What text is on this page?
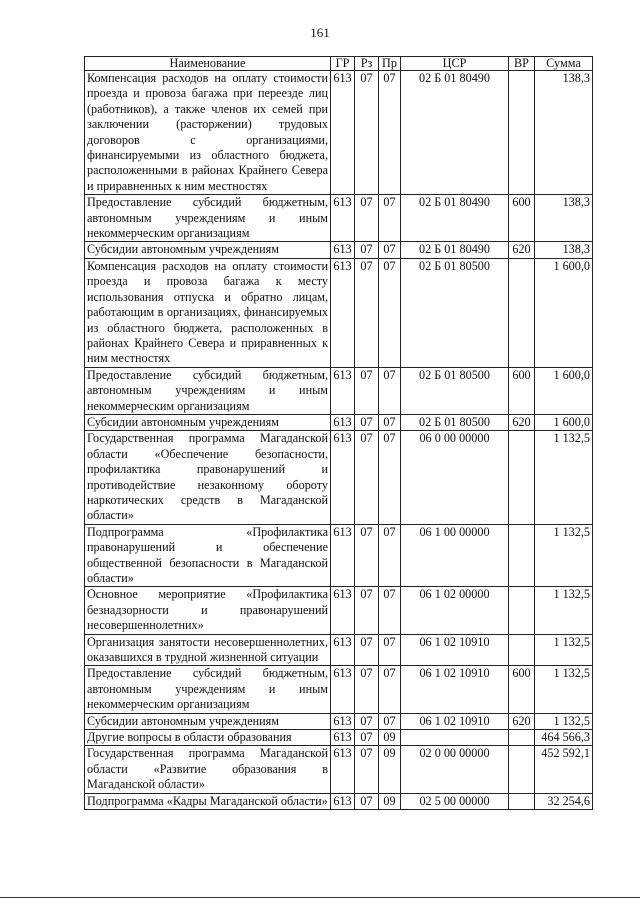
161
Наименование	ГР	Рз	Пр	ЦСР	ВР	Сумма
Компенсация расходов на оплату стоимости проезда и провоза багажа при переезде лиц (работников), а также членов их семей при заключении (расторжении) трудовых договоров с организациями, финансируемыми из областного бюджета, расположенными в районах Крайнего Севера и приравненных к ним местностях	613	07	07	02 Б 01 80490		138,3
Предоставление субсидий бюджетным, автономным учреждениям и иным некоммерческим организациям	613	07	07	02 Б 01 80490	600	138,3
Субсидии автономным учреждениям	613	07	07	02 Б 01 80490	620	138,3
Компенсация расходов на оплату стоимости проезда и провоза багажа к месту использования отпуска и обратно лицам, работающим в организациях, финансируемых из областного бюджета, расположенных в районах Крайнего Севера и приравненных к ним местностях	613	07	07	02 Б 01 80500		1 600,0
Предоставление субсидий бюджетным, автономным учреждениям и иным некоммерческим организациям	613	07	07	02 Б 01 80500	600	1 600,0
Субсидии автономным учреждениям	613	07	07	02 Б 01 80500	620	1 600,0
Государственная программа Магаданской области «Обеспечение безопасности, профилактика правонарушений и противодействие незаконному обороту наркотических средств в Магаданской области»	613	07	07	06 0 00 00000		1 132,5
Подпрограмма «Профилактика правонарушений и обеспечение общественной безопасности в Магаданской области»	613	07	07	06 1 00 00000		1 132,5
Основное мероприятие «Профилактика безнадзорности и правонарушений несовершеннолетних»	613	07	07	06 1 02 00000		1 132,5
Организация занятости несовершеннолетних, оказавшихся в трудной жизненной ситуации	613	07	07	06 1 02 10910		1 132,5
Предоставление субсидий бюджетным, автономным учреждениям и иным некоммерческим организациям	613	07	07	06 1 02 10910	600	1 132,5
Субсидии автономным учреждениям	613	07	07	06 1 02 10910	620	1 132,5
Другие вопросы в области образования	613	07	09			464 566,3
Государственная программа Магаданской области «Развитие образования в Магаданской области»	613	07	09	02 0 00 00000		452 592,1
Подпрограмма «Кадры Магаданской области»	613	07	09	02 5 00 00000		32 254,6
